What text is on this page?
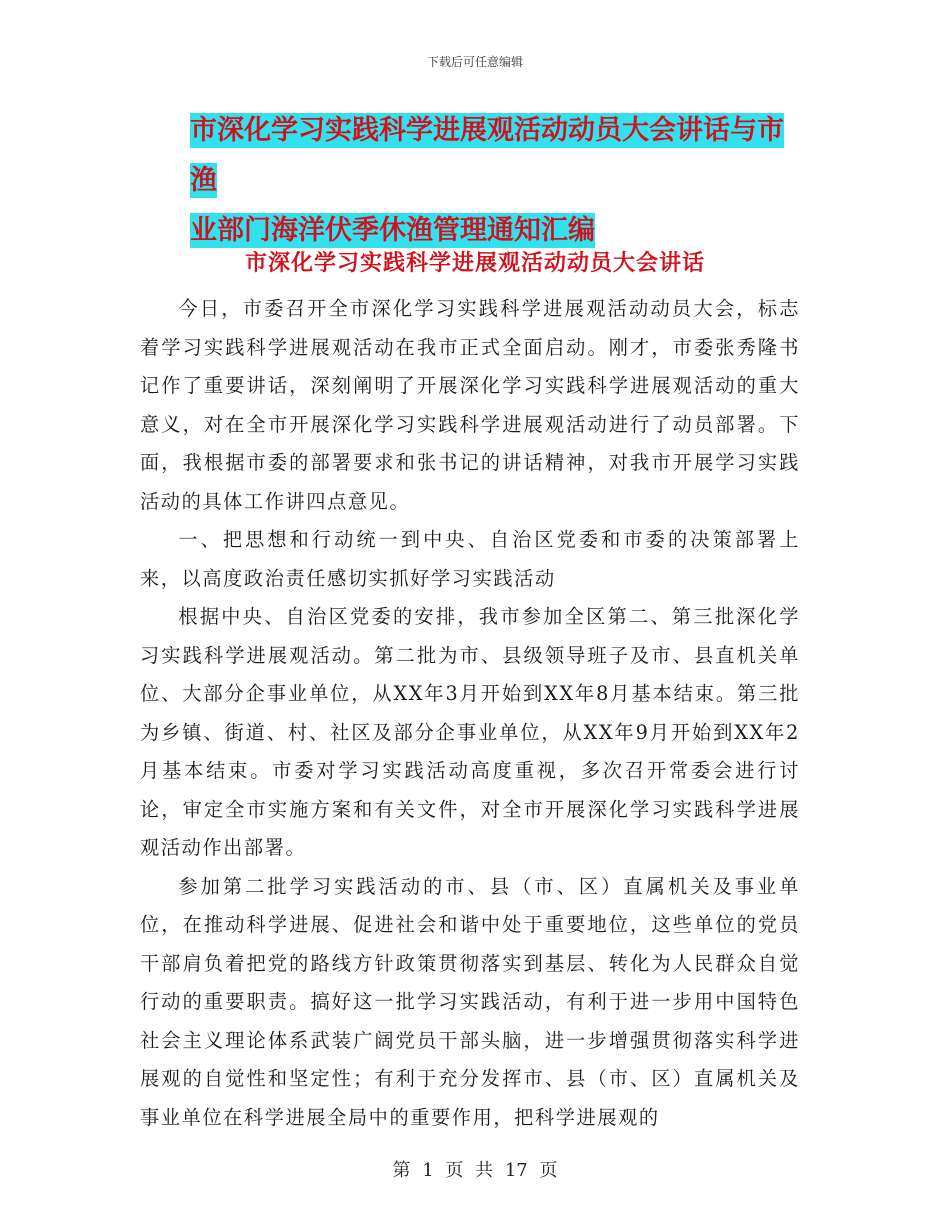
下载后可任意编辑
市深化学习实践科学进展观活动动员大会讲话与市渔
业部门海洋伏季休渔管理通知汇编
市深化学习实践科学进展观活动动员大会讲话

今日，市委召开全市深化学习实践科学进展观活动动员大会，标志着学习实践科学进展观活动在我市正式全面启动。刚才，市委张秀隆书记作了重要讲话，深刻阐明了开展深化学习实践科学进展观活动的重大意义，对在全市开展深化学习实践科学进展观活动进行了动员部署。下面，我根据市委的部署要求和张书记的讲话精神，对我市开展学习实践活动的具体工作讲四点意见。

一、把思想和行动统一到中央、自治区党委和市委的决策部署上来，以高度政治责任感切实抓好学习实践活动

根据中央、自治区党委的安排，我市参加全区第二、第三批深化学习实践科学进展观活动。第二批为市、县级领导班子及市、县直机关单位、大部分企事业单位，从XX年3月开始到XX年8月基本结束。第三批为乡镇、街道、村、社区及部分企事业单位，从XX年9月开始到XX年2月基本结束。市委对学习实践活动高度重视，多次召开常委会进行讨论，审定全市实施方案和有关文件，对全市开展深化学习实践科学进展观活动作出部署。

参加第二批学习实践活动的市、县（市、区）直属机关及事业单位，在推动科学进展、促进社会和谐中处于重要地位，这些单位的党员干部肩负着把党的路线方针政策贯彻落实到基层、转化为人民群众自觉行动的重要职责。搞好这一批学习实践活动，有利于进一步用中国特色社会主义理论体系武装广阔党员干部头脑，进一步增强贯彻落实科学进展观的自觉性和坚定性；有利于充分发挥市、县（市、区）直属机关及事业单位在科学进展全局中的重要作用，把科学进展观的

第 1 页 共 17 页
